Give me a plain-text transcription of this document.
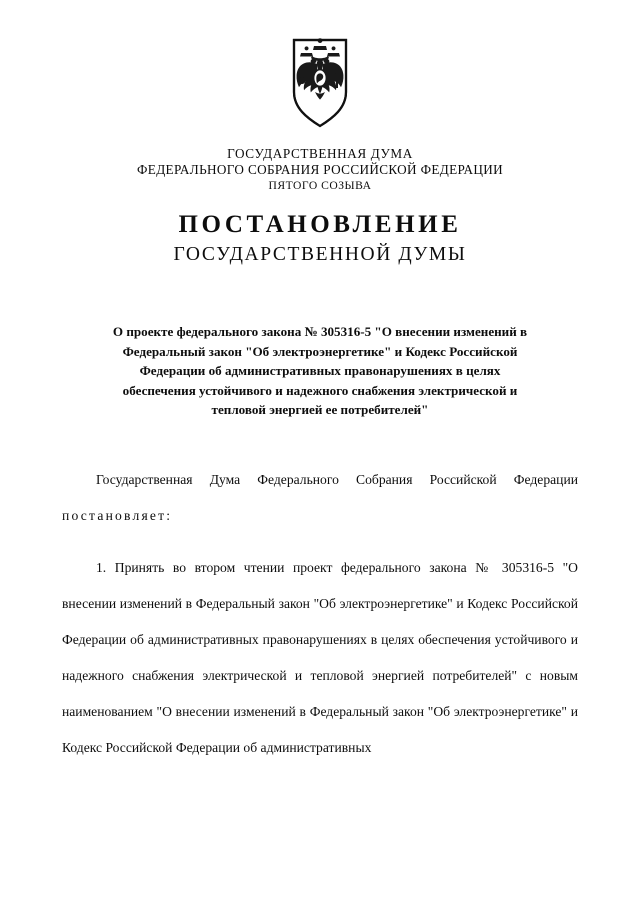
ГОСУДАРСТВЕННАЯ ДУМА
ФЕДЕРАЛЬНОГО СОБРАНИЯ РОССИЙСКОЙ ФЕДЕРАЦИИ
ПЯТОГО СОЗЫВА
ПОСТАНОВЛЕНИЕ
ГОСУДАРСТВЕННОЙ ДУМЫ
О проекте федерального закона № 305316-5 "О внесении изменений в Федеральный закон "Об электроэнергетике" и Кодекс Российской Федерации об административных правонарушениях в целях обеспечения устойчивого и надежного снабжения электрической и тепловой энергией ее потребителей"

Государственная Дума Федерального Собрания Российской Федерации постановляет:

1. Принять во втором чтении проект федерального закона № 305316-5 "О внесении изменений в Федеральный закон "Об электроэнергетике" и Кодекс Российской Федерации об административных правонарушениях в целях обеспечения устойчивого и надежного снабжения электрической и тепловой энергией потребителей" с новым наименованием "О внесении изменений в Федеральный закон "Об электроэнергетике" и Кодекс Российской Федерации об административных
